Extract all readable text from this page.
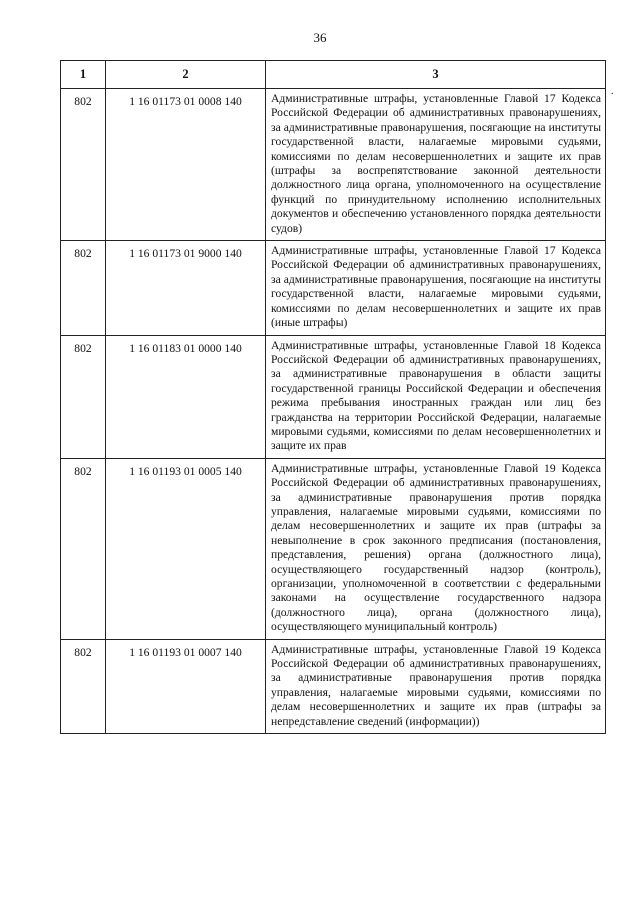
36
1	2	3
802	1 16 01173 01 0008 140	Административные штрафы, установленные Главой 17 Кодекса Российской Федерации об административных правонарушениях, за административные правонарушения, посягающие на институты государственной власти, налагаемые мировыми судьями, комиссиями по делам несовершеннолетних и защите их прав (штрафы за воспрепятствование законной деятельности должностного лица органа, уполномоченного на осуществление функций по принудительному исполнению исполнительных документов и обеспечению установленного порядка деятельности судов)
802	1 16 01173 01 9000 140	Административные штрафы, установленные Главой 17 Кодекса Российской Федерации об административных правонарушениях, за административные правонарушения, посягающие на институты государственной власти, налагаемые мировыми судьями, комиссиями по делам несовершеннолетних и защите их прав (иные штрафы)
802	1 16 01183 01 0000 140	Административные штрафы, установленные Главой 18 Кодекса Российской Федерации об административных правонарушениях, за административные правонарушения в области защиты государственной границы Российской Федерации и обеспечения режима пребывания иностранных граждан или лиц без гражданства на территории Российской Федерации, налагаемые мировыми судьями, комиссиями по делам несовершеннолетних и защите их прав
802	1 16 01193 01 0005 140	Административные штрафы, установленные Главой 19 Кодекса Российской Федерации об административных правонарушениях, за административные правонарушения против порядка управления, налагаемые мировыми судьями, комиссиями по делам несовершеннолетних и защите их прав (штрафы за невыполнение в срок законного предписания (постановления, представления, решения) органа (должностного лица), осуществляющего государственный надзор (контроль), организации, уполномоченной в соответствии с федеральными законами на осуществление государственного надзора (должностного лица), органа (должностного лица), осуществляющего муниципальный контроль)
802	1 16 01193 01 0007 140	Административные штрафы, установленные Главой 19 Кодекса Российской Федерации об административных правонарушениях, за административные правонарушения против порядка управления, налагаемые мировыми судьями, комиссиями по делам несовершеннолетних и защите их прав (штрафы за непредставление сведений (информации))
.
